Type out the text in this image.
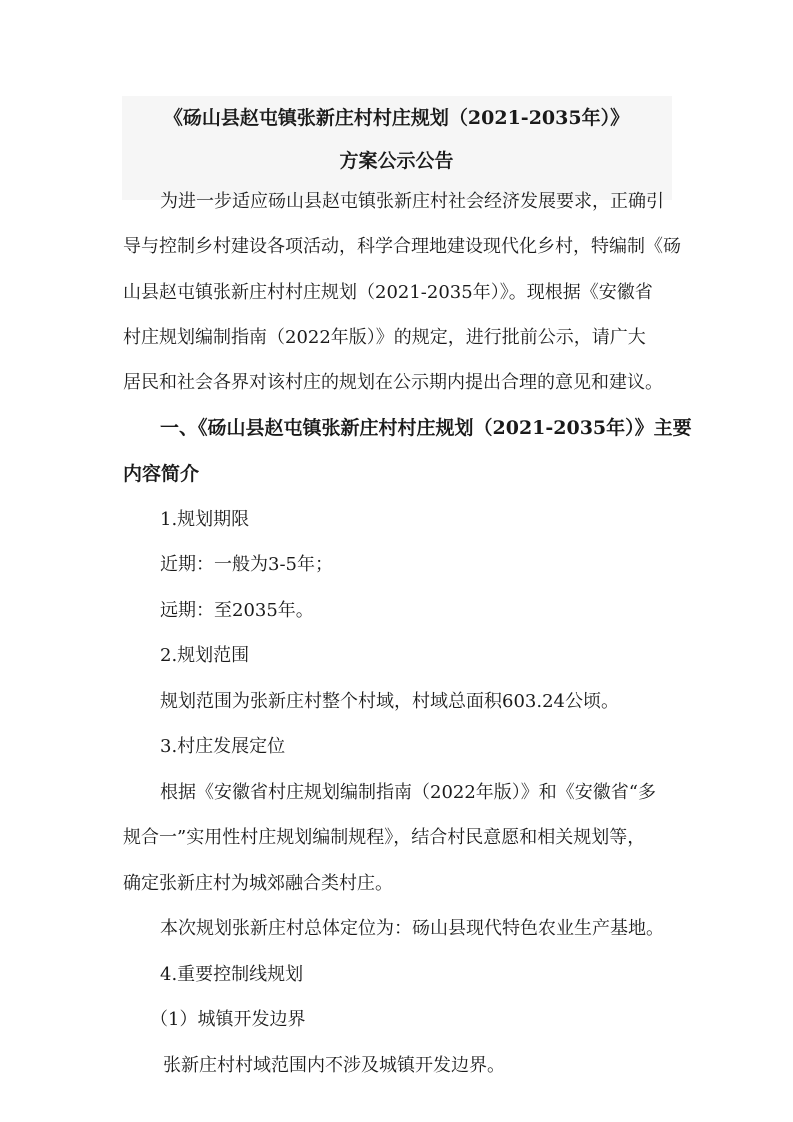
《砀山县赵屯镇张新庄村村庄规划（2021-2035年）》
方案公示公告
为进一步适应砀山县赵屯镇张新庄村社会经济发展要求，正确引
导与控制乡村建设各项活动，科学合理地建设现代化乡村，特编制《砀
山县赵屯镇张新庄村村庄规划（2021-2035年）》。现根据《安徽省
村庄规划编制指南（2022年版）》的规定，进行批前公示，请广大
居民和社会各界对该村庄的规划在公示期内提出合理的意见和建议。
一、《砀山县赵屯镇张新庄村村庄规划（2021-2035年）》主要
内容简介
1.规划期限
近期：一般为3-5年；
远期：至2035年。
2.规划范围
规划范围为张新庄村整个村域，村域总面积603.24公顷。
3.村庄发展定位
根据《安徽省村庄规划编制指南（2022年版）》和《安徽省“多
规合一”实用性村庄规划编制规程》，结合村民意愿和相关规划等，
确定张新庄村为城郊融合类村庄。
本次规划张新庄村总体定位为：砀山县现代特色农业生产基地。
4.重要控制线规划
（1）城镇开发边界
张新庄村村域范围内不涉及城镇开发边界。
